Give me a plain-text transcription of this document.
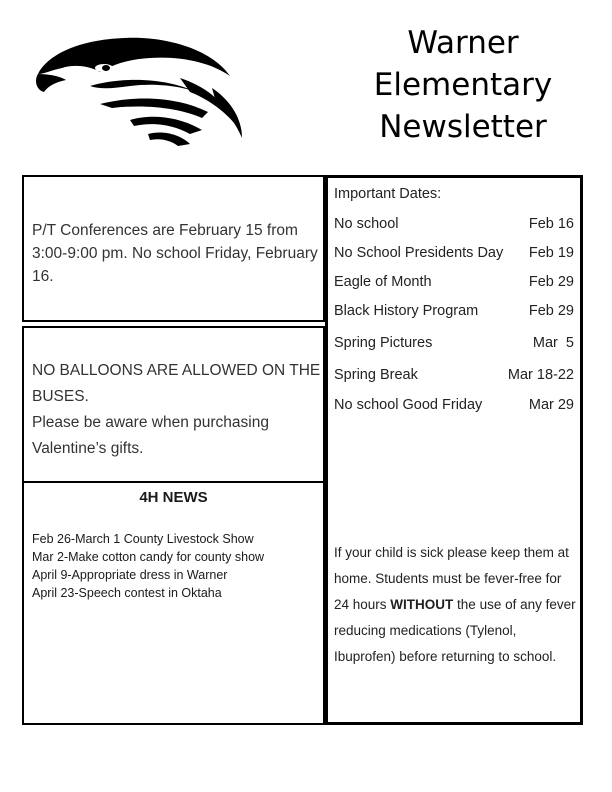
Warner
Elementary
Newsletter

P/T Conferences are February 15 from 3:00-9:00 pm. No school Friday, February 16.

NO BALLOONS ARE ALLOWED ON THE BUSES.
Please be aware when purchasing Valentine’s gifts.

4H NEWS
Feb 26-March 1 County Livestock Show
Mar 2-Make cotton candy for county show
April 9-Appropriate dress in Warner
April 23-Speech contest in Oktaha
Important Dates:
No school	Feb 16
No School Presidents Day Feb 19
Eagle of Month	Feb 29
Black History Program	Feb 29
Spring Pictures	Mar  5
Spring Break	Mar 18-22
No school Good Friday	Mar 29
If your child is sick please keep them at home. Students must be fever-free for 24 hours WITHOUT the use of any fever reducing medications (Tylenol, Ibuprofen) before returning to school.
